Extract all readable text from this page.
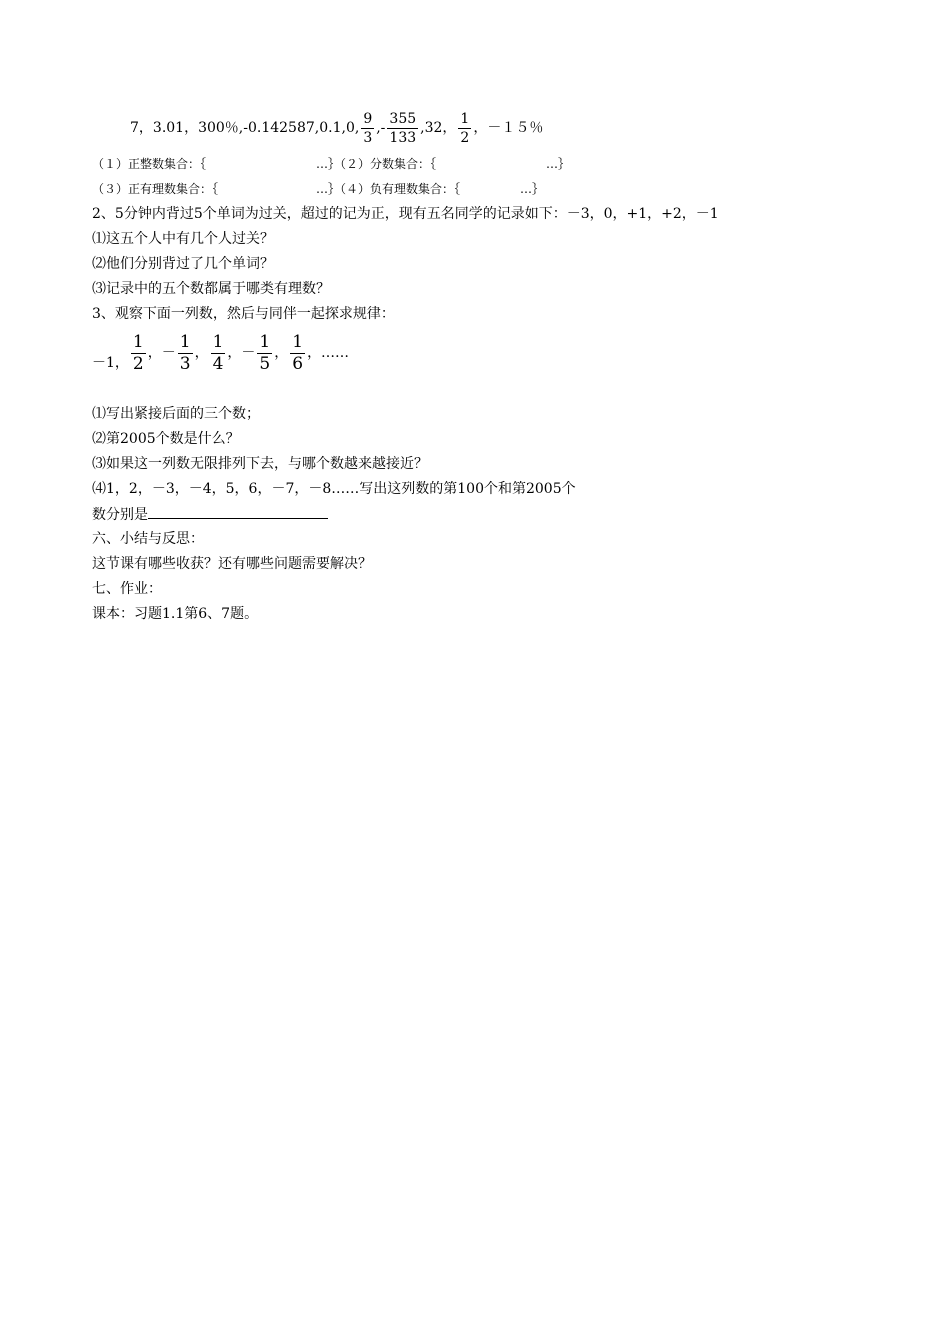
7，3.01，300％,-0.142587,0.1,0, $\frac{9}{3}$ ,- $\frac{355}{133} ,32$， $\frac{1}{2}$ ，－１５％
（１）正整数集合：｛	…｝（２）分数集合：｛	…｝
（３）正有理数集合：｛	…｝（４）负有理数集合：｛	…｝
2、5分钟内背过5个单词为过关，超过的记为正，现有五名同学的记录如下：－3，0，+1，+2，－1
⑴这五个人中有几个人过关？
⑵他们分别背过了几个单词？
⑶记录中的五个数都属于哪类有理数？
3、观察下面一列数，然后与同伴一起探求规律：
－1， $\frac{1}{2}$ ，－ $\frac{1}{3}$ ， $\frac{1}{4}$ ，－ $\frac{1}{5}$ ， $\frac{1}{6}$ ，……
⑴写出紧接后面的三个数；
⑵第2005个数是什么？
⑶如果这一列数无限排列下去，与哪个数越来越接近？
⑷1，2，－3，－4，5，6，－7，－8……写出这列数的第100个和第2005个
数分别是
六、小结与反思：
这节课有哪些收获？还有哪些问题需要解决？
七、作业：
课本：习题1.1第6、7题。
